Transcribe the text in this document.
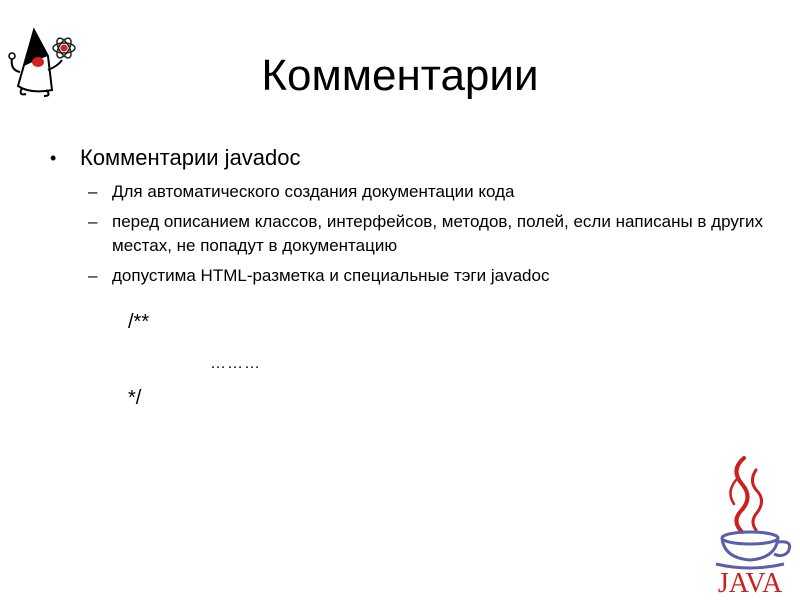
Комментарии
• Комментарии javadoc
– Для автоматического создания документации кода
– перед описанием классов, интерфейсов, методов, полей, если написаны в других местах, не попадут в документацию
– допустима HTML-разметка и специальные тэги javadoc
/**
………
*/
JAVA
